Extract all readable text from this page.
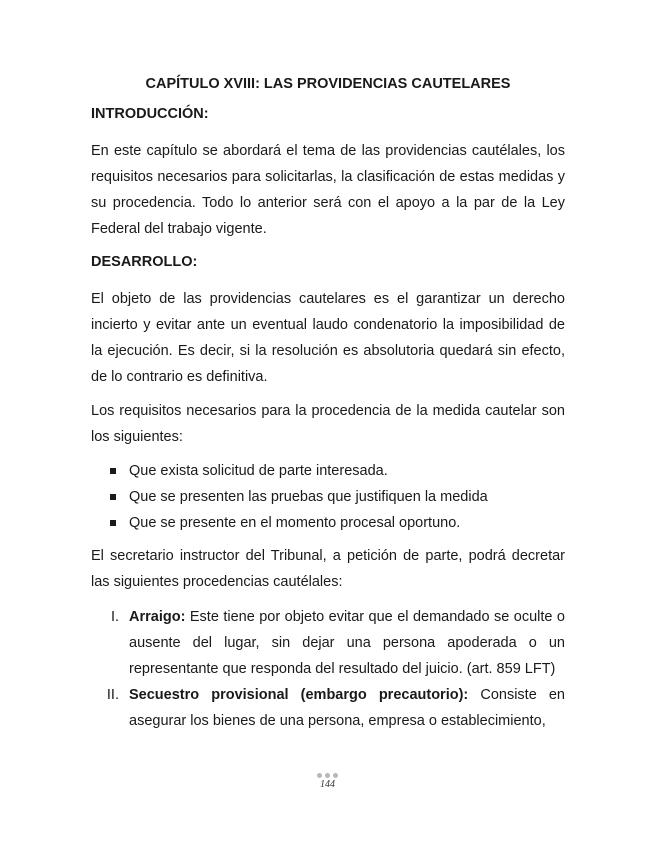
CAPÍTULO XVIII: LAS PROVIDENCIAS CAUTELARES
INTRODUCCIÓN:

En este capítulo se abordará el tema de las providencias cautélales, los requisitos necesarios para solicitarlas, la clasificación de estas medidas y su procedencia. Todo lo anterior será con el apoyo a la par de la Ley Federal del trabajo vigente.

DESARROLLO:

El objeto de las providencias cautelares es el garantizar un derecho incierto y evitar ante un eventual laudo condenatorio la imposibilidad de la ejecución. Es decir, si la resolución es absolutoria quedará sin efecto, de lo contrario es definitiva.

Los requisitos necesarios para la procedencia de la medida cautelar son los siguientes:

Que exista solicitud de parte interesada.
Que se presenten las pruebas que justifiquen la medida
Que se presente en el momento procesal oportuno.

El secretario instructor del Tribunal, a petición de parte, podrá decretar las siguientes procedencias cautélales:

I. Arraigo: Este tiene por objeto evitar que el demandado se oculte o ausente del lugar, sin dejar una persona apoderada o un representante que responda del resultado del juicio. (art. 859 LFT)
II. Secuestro provisional (embargo precautorio): Consiste en asegurar los bienes de una persona, empresa o establecimiento,
144
